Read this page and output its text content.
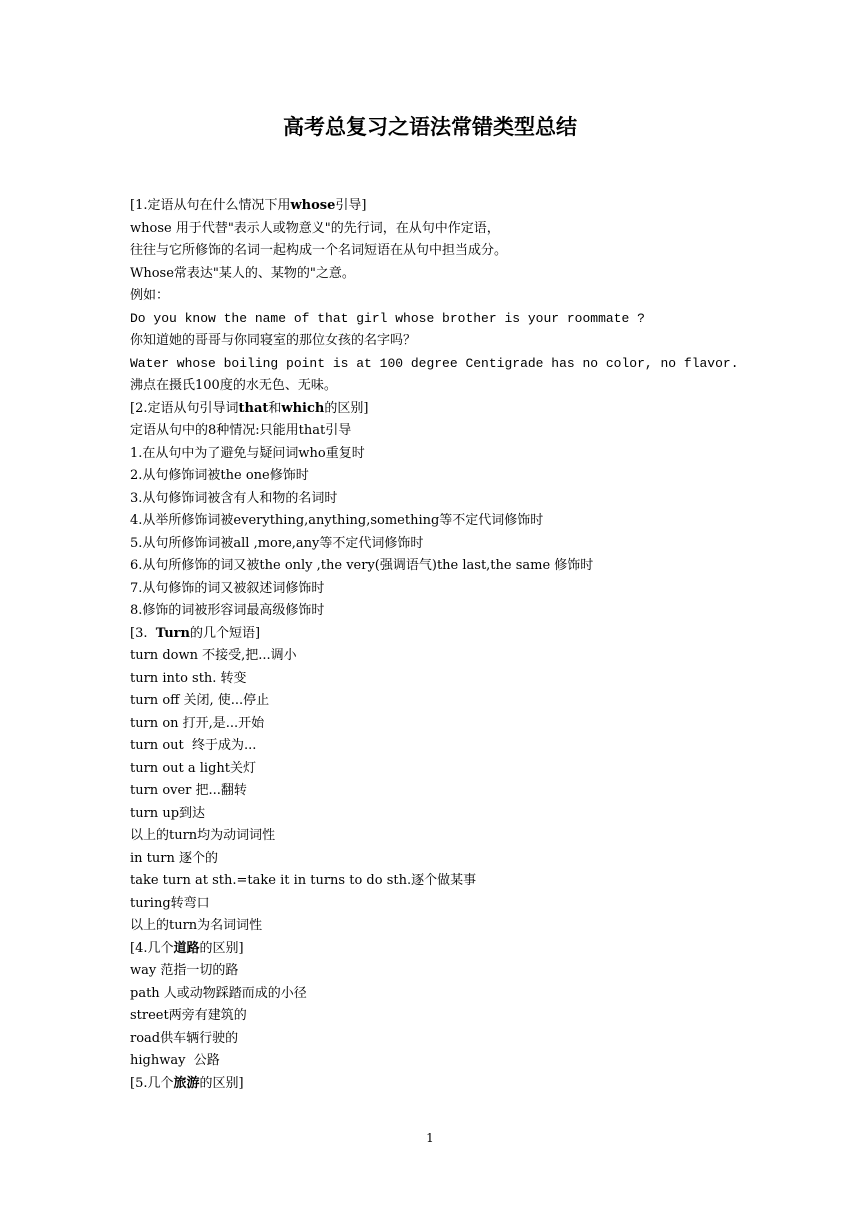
高考总复习之语法常错类型总结
[1.定语从句在什么情况下用whose引导]
whose 用于代替"表示人或物意义"的先行词，在从句中作定语，
往往与它所修饰的名词一起构成一个名词短语在从句中担当成分。
Whose常表达"某人的、某物的"之意。
例如：
Do you know the name of that girl whose brother is your roommate ?
你知道她的哥哥与你同寝室的那位女孩的名字吗？
Water whose boiling point is at 100 degree Centigrade has no color, no flavor.
沸点在摄氏100度的水无色、无味。
[2.定语从句引导词that和which的区别]
定语从句中的8种情况:只能用that引导
1.在从句中为了避免与疑问词who重复时
2.从句修饰词被the one修饰时
3.从句修饰词被含有人和物的名词时
4.从举所修饰词被everything,anything,something等不定代词修饰时
5.从句所修饰词被all ,more,any等不定代词修饰时
6.从句所修饰的词又被the only ,the very(强调语气)the last,the same 修饰时
7.从句修饰的词又被叙述词修饰时
8.修饰的词被形容词最高级修饰时
[3.  Turn的几个短语]
turn down 不接受,把...调小
turn into sth. 转变
turn off 关闭, 使...停止
turn on 打开,是...开始
turn out  终于成为...
turn out a light关灯
turn over 把...翻转
turn up到达
以上的turn均为动词词性
in turn 逐个的
take turn at sth.=take it in turns to do sth.逐个做某事
turing转弯口
以上的turn为名词词性
[4.几个道路的区别]
way 范指一切的路
path 人或动物踩踏而成的小径
street两旁有建筑的
road供车辆行驶的
highway  公路
[5.几个旅游的区别]
1
